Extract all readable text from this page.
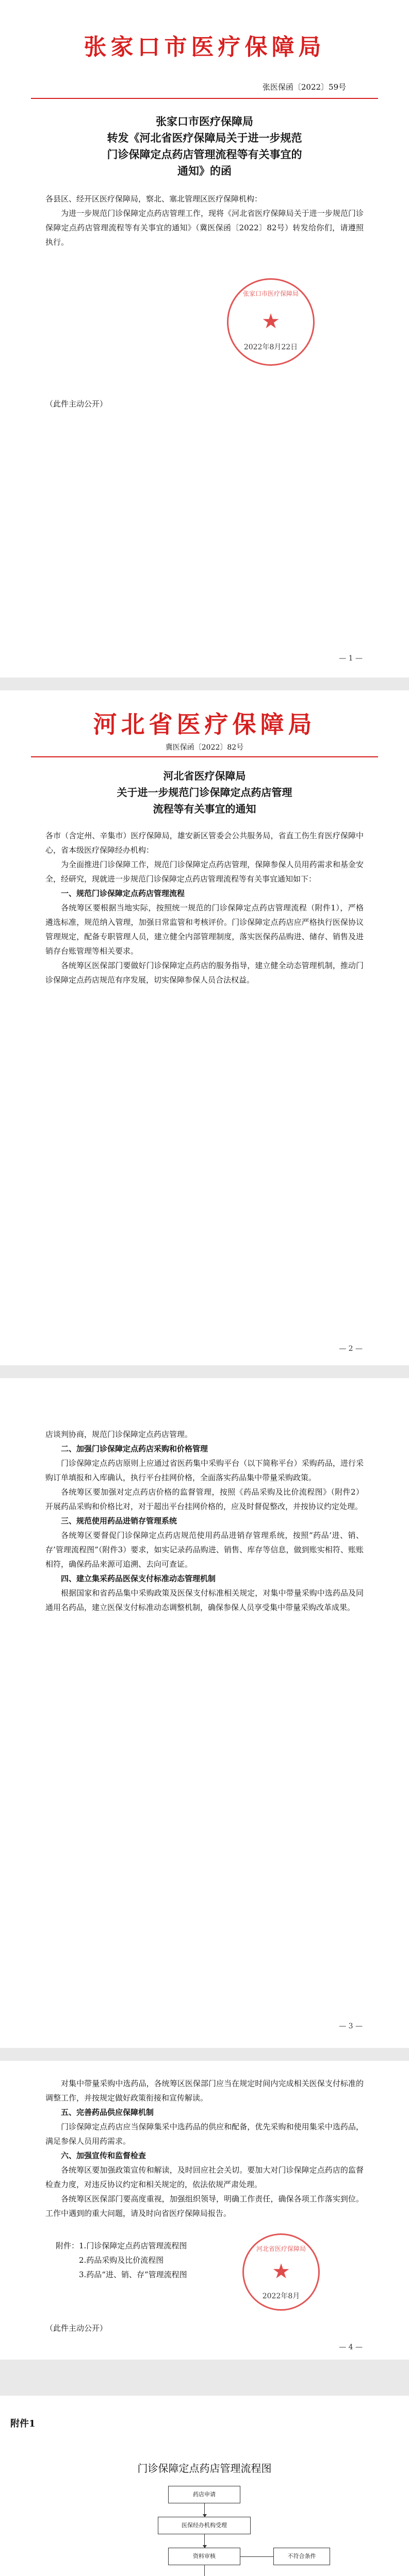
张家口市医疗保障局
张医保函〔2022〕59号
张家口市医疗保障局
转发《河北省医疗保障局关于进一步规范
门诊保障定点药店管理流程等有关事宜的
通知》的函

各县区、经开区医疗保障局，察北、塞北管理区医疗保障机构：

为进一步规范门诊保障定点药店管理工作，现将《河北省医疗保障局关于进一步规范门诊保障定点药店管理流程等有关事宜的通知》（冀医保函〔2022〕82号）转发给你们，请遵照执行。

张家口市医疗保障局
★
2022年8月22日
（此件主动公开）
— 1 —
河北省医疗保障局
冀医保函〔2022〕82号
河北省医疗保障局
关于进一步规范门诊保障定点药店管理
流程等有关事宜的通知

各市（含定州、辛集市）医疗保障局，雄安新区管委会公共服务局，省直工伤生育医疗保障中心，省本级医疗保障经办机构：

为全面推进门诊保障工作，规范门诊保障定点药店管理，保障参保人员用药需求和基金安全，经研究，现就进一步规范门诊保障定点药店管理流程等有关事宜通知如下：

一、规范门诊保障定点药店管理流程

各统筹区要根据当地实际，按照统一规范的门诊保障定点药店管理流程（附件1），严格遴选标准，规范纳入管理，加强日常监管和考核评价。门诊保障定点药店应严格执行医保协议管理规定，配备专职管理人员，建立健全内部管理制度，落实医保药品购进、储存、销售及进销存台账管理等相关要求。

各统筹区医保部门要做好门诊保障定点药店的服务指导，建立健全动态管理机制，推动门诊保障定点药店规范有序发展，切实保障参保人员合法权益。

— 2 —

店谈判协商，规范门诊保障定点药店管理。

二、加强门诊保障定点药店采购和价格管理

门诊保障定点药店原则上应通过省医药集中采购平台（以下简称平台）采购药品，进行采购订单填报和入库确认，执行平台挂网价格，全面落实药品集中带量采购政策。

各统筹区要加强对定点药店价格的监督管理，按照《药品采购及比价流程图》（附件2）开展药品采购和价格比对，对于超出平台挂网价格的，应及时督促整改，并按协议约定处理。

三、规范使用药品进销存管理系统

各统筹区要督促门诊保障定点药店规范使用药品进销存管理系统，按照“药品‘进、销、存’管理流程图”（附件3）要求，如实记录药品购进、销售、库存等信息，做到账实相符、账账相符，确保药品来源可追溯、去向可查证。

四、建立集采药品医保支付标准动态管理机制

根据国家和省药品集中采购政策及医保支付标准相关规定，对集中带量采购中选药品及同通用名药品，建立医保支付标准动态调整机制，确保参保人员享受集中带量采购改革成果。

— 3 —

对集中带量采购中选药品，各统筹区医保部门应当在规定时间内完成相关医保支付标准的调整工作，并按规定做好政策衔接和宣传解读。

五、完善药品供应保障机制

门诊保障定点药店应当保障集采中选药品的供应和配备，优先采购和使用集采中选药品，满足参保人员用药需求。

六、加强宣传和监督检查

各统筹区要加强政策宣传和解读，及时回应社会关切。要加大对门诊保障定点药店的监督检查力度，对违反协议约定和相关规定的，依法依规严肃处理。

各统筹区医保部门要高度重视，加强组织领导，明确工作责任，确保各项工作落实到位。工作中遇到的重大问题，请及时向省医疗保障局报告。

附件：1.门诊保障定点药店管理流程图

2.药品采购及比价流程图

3.药品“进、销、存”管理流程图

河北省医疗保障局
★
2022年8月
（此件主动公开）
— 4 —
附件1
门诊保障定点药店管理流程图
药店申请
医保经办机构受理
资料审核	不符合条件
